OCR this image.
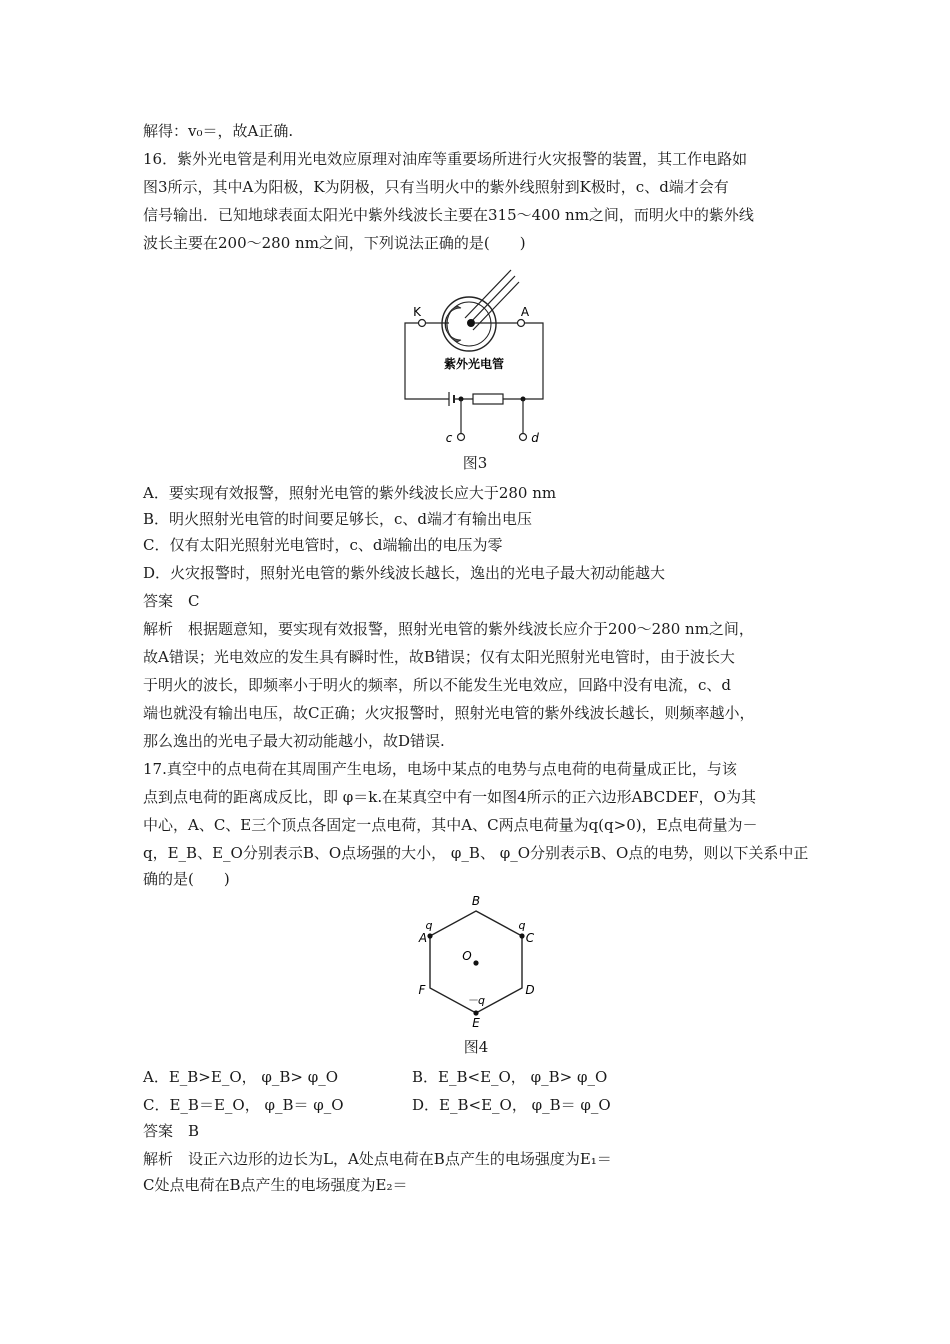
解得：v₀＝，故A正确.
16．紫外光电管是利用光电效应原理对油库等重要场所进行火灾报警的装置，其工作电路如
图3所示，其中A为阳极，K为阴极，只有当明火中的紫外线照射到K极时，c、d端才会有
信号输出．已知地球表面太阳光中紫外线波长主要在315～400 nm之间，而明火中的紫外线
波长主要在200～280 nm之间，下列说法正确的是(　　)
K	A
c	d
紫外光电管
图3
A．要实现有效报警，照射光电管的紫外线波长应大于280 nm
B．明火照射光电管的时间要足够长，c、d端才有输出电压
C．仅有太阳光照射光电管时，c、d端输出的电压为零
D．火灾报警时，照射光电管的紫外线波长越长，逸出的光电子最大初动能越大
答案　C
解析　根据题意知，要实现有效报警，照射光电管的紫外线波长应介于200～280 nm之间，
故A错误；光电效应的发生具有瞬时性，故B错误；仅有太阳光照射光电管时，由于波长大
于明火的波长，即频率小于明火的频率，所以不能发生光电效应，回路中没有电流，c、d
端也就没有输出电压，故C正确；火灾报警时，照射光电管的紫外线波长越长，则频率越小，
那么逸出的光电子最大初动能越小，故D错误.
17.真空中的点电荷在其周围产生电场，电场中某点的电势与点电荷的电荷量成正比，与该
点到点电荷的距离成反比，即 φ＝k.在某真空中有一如图4所示的正六边形ABCDEF，O为其
中心，A、C、E三个顶点各固定一点电荷，其中A、C两点电荷量为q(q>0)，E点电荷量为－
q，E_B、E_O分别表示B、O点场强的大小， φ_B、 φ_O分别表示B、O点的电势，则以下关系中正
确的是(　　)
B
A	C
D
E
F
O
q	q
－q
图4
A．E_B>E_O， φ_B> φ_O	B．E_B<E_O， φ_B> φ_O
C．E_B＝E_O， φ_B＝ φ_O	D．E_B<E_O， φ_B＝ φ_O
答案　B
解析　设正六边形的边长为L，A处点电荷在B点产生的电场强度为E₁＝
C处点电荷在B点产生的电场强度为E₂＝
